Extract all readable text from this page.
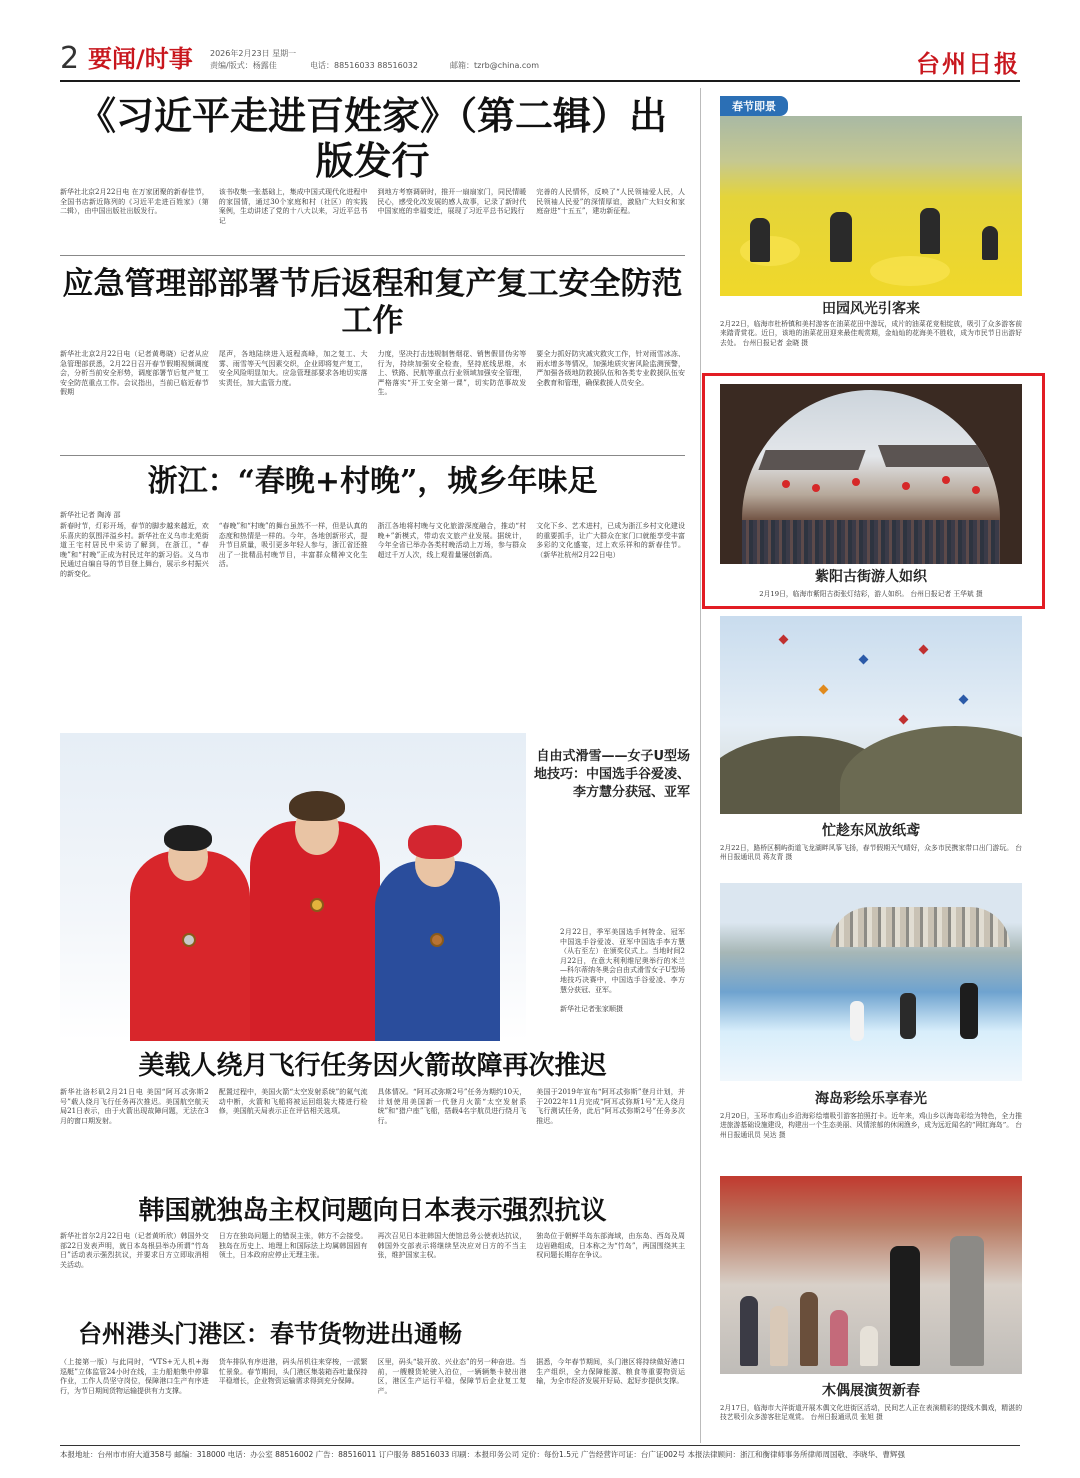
2 要闻/时事 2026年2月23日 星期一
责编/版式：杨露佳	电话：88516033 88516032	邮箱：tzrb@china.com	台州日报
《习近平走进百姓家》（第二辑）出版发行
新华社北京2月22日电 在万家团聚的新春佳节，全国书店新近陈列的《习近平走进百姓家》（第二辑），由中国出版社出版发行。
该书收集一张基础上，集成中国式现代化进程中的家国情，通过30个家庭和村（社区）的实践案例，生动讲述了党的十八大以来，习近平总书记
到地方考察调研时，推开一扇扇家门，同民情暖民心，感受化改发展的感人故事，记录了新时代中国家庭的幸福变迁，展现了习近平总书记践行
完善的人民情怀，反映了“人民领袖爱人民，人民领袖人民爱”的深情厚谊，激励广大妇女和家庭奋进“十五五”，建功新征程。
应急管理部部署节后返程和复产复工安全防范工作
新华社北京2月22日电（记者黄粤晓）记者从应急管理部获悉，2月22日召开春节假期视频调度会，分析当前安全形势，调度部署节后复产复工安全防范重点工作。会议指出，当前已临近春节假期
尾声，各地陆续进入返程高峰，加之复工、大雾、雨雪等天气因素交织，企业即将复产复工，安全风险明显加大。应急管理部要求各地切实落实责任，加大监管力度。
力度，坚决打击违规制售烟花、销售假冒伪劣等行为，持续加强安全检查，坚持底线思维，水上、铁路、民航等重点行业领域加强安全管理，严格落实“开工安全第一课”，切实防范事故发生。
要全力抓好防灾减灾救灾工作，针对雨雪冰冻、雨水增多等情况，加强地质灾害风险监测预警，严加强各级地防救援队伍和各类专业救援队伍安全教育和管理，确保救援人员安全。
浙江：“春晚+村晚”，城乡年味足
新华社记者 陶涛 邵
新春时节，灯彩开场，春节的脚步越来越近，欢乐喜庆的氛围洋溢乡村。新华社在义乌市北苑街道王宅村居民中采访了解到，在浙江，“春晚”和“村晚”正成为村民过年的新习俗。义乌市民通过自编自导的节目登上舞台，展示乡村振兴的新变化。
“春晚”和“村晚”的舞台虽然不一样，但是认真的态度和热情是一样的。今年，各地创新形式，提升节目质量，吸引更多年轻人参与，浙江省还推出了一批精品村晚节目，丰富群众精神文化生活。
浙江各地将村晚与文化旅游深度融合，推动“村晚+”新模式，带动农文旅产业发展。据统计，今年全省已举办各类村晚活动上万场，参与群众超过千万人次，线上观看量屡创新高。
文化下乡、艺术进村，已成为浙江乡村文化建设的重要抓手，让广大群众在家门口就能享受丰富多彩的文化盛宴，过上欢乐祥和的新春佳节。（新华社杭州2月22日电）
自由式滑雪——女子U型场地技巧：中国选手谷爱凌、李方慧分获冠、亚军
2月22日，季军美国选手何特金、冠军中国选手谷爱凌、亚军中国选手李方慧（从右至左）在颁奖仪式上。当地时间2月22日，在意大利利维尼奥举行的米兰—科尔蒂纳冬奥会自由式滑雪女子U型场地技巧决赛中，中国选手谷爱凌、李方慧分获冠、亚军。

新华社记者张家顺摄
美载人绕月飞行任务因火箭故障再次推迟
新华社洛杉矶2月21日电 美国“阿耳忒弥斯2号”载人绕月飞行任务再次推迟。美国航空航天局21日表示，由于火箭出现故障问题，无法在3月的窗口期发射。
配置过程中，美国火箭“太空发射系统”的氦气流动中断，火箭和飞船将被运回组装大楼进行检修，美国航天局表示正在评估相关选项。
具体情况。“阿耳忒弥斯2号”任务为期约10天，计划使用美国新一代登月火箭“太空发射系统”和“猎户座”飞船，搭载4名宇航员进行绕月飞行。
美国于2019年宣布“阿耳忒弥斯”登月计划，并于2022年11月完成“阿耳忒弥斯1号”无人绕月飞行测试任务，此后“阿耳忒弥斯2号”任务多次推迟。
韩国就独岛主权问题向日本表示强烈抗议
新华社首尔2月22日电（记者黄昕欣）韩国外交部22日发表声明，就日本岛根县举办所谓“竹岛日”活动表示强烈抗议，并要求日方立即取消相关活动。
日方在独岛问题上的错误主张，韩方不会接受。独岛在历史上、地理上和国际法上均属韩国固有领土，日本政府应停止无理主张。
再次召见日本驻韩国大使馆总务公使表达抗议，韩国外交部表示将继续坚决应对日方的不当主张，维护国家主权。
独岛位于朝鲜半岛东部海域，由东岛、西岛及周边岩礁组成，日本称之为“竹岛”，两国围绕其主权问题长期存在争议。
台州港头门港区：春节货物进出通畅
（上接第一版）与此同时，“VTS+无人机+海巡艇”立体监管24小时在线，主力船舶集中停靠作业，工作人员坚守岗位，保障港口生产有序进行，为节日期间货物运输提供有力支撑。
货车排队有序进港，码头吊机往来穿梭，一派繁忙景象。春节期间，头门港区集装箱吞吐量保持平稳增长，企业物资运输需求得到充分保障。
区里，码头“装开放、兴业态”的另一种奋进。当前，一艘艘货轮驶入泊位，一辆辆集卡驶出港区，港区生产运行平稳，保障节后企业复工复产。
据悉，今年春节期间，头门港区将持续做好港口生产组织，全力保障能源、粮食等重要物资运输，为全市经济发展开好局、起好步提供支撑。
春节即景
田园风光引客来
2月22日，临海市杜桥镇和美村游客在油菜花田中游玩，成片的油菜花竞相绽放，吸引了众多游客前来踏青赏花。近日，该地的油菜花田迎来最佳观赏期，金灿灿的花海美不胜收，成为市民节日出游好去处。 台州日报记者 金晓 摄
紫阳古街游人如织
2月19日，临海市紫阳古街张灯结彩，游人如织。 台州日报记者 王华斌 摄
忙趁东风放纸鸢
2月22日，路桥区桐屿街道飞龙湖畔风筝飞扬，春节假期天气晴好，众多市民携家带口出门游玩。 台州日报通讯员 蒋友青 摄
海岛彩绘乐享春光
2月20日，玉环市鸡山乡沿海彩绘墙吸引游客拍照打卡。近年来，鸡山乡以海岛彩绘为特色，全力推进旅游基础设施建设，构建出一个生态美丽、风情浓郁的休闲渔乡，成为远近闻名的“网红海岛”。 台州日报通讯员 吴达 摄
木偶展演贺新春
2月17日，临海市大洋街道开展木偶文化进街区活动，民间艺人正在表演精彩的提线木偶戏，精湛的技艺吸引众多游客驻足观赏。 台州日报通讯员 张旭 摄
本报地址：台州市市府大道358号 邮编：318000 电话：办公室 88516002 广告：88516011 订户服务 88516033 印刷：本报印务公司 定价：每份1.5元 广告经营许可证：台广证002号 本报法律顾问：浙江和衡律师事务所律师周国敬、李晓华、曹辉强
